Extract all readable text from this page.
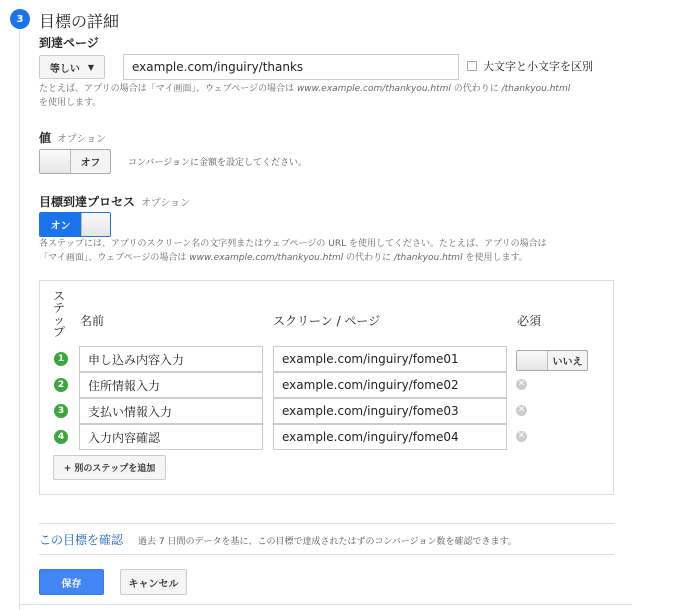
3 目標の詳細
到達ページ
等しい ▼	example.com/inguiry/thanks	大文字と小文字を区別
たとえば、アプリの場合は「マイ画面」、ウェブページの場合は www.example.com/thankyou.html の代わりに /thankyou.html
を使用します。
値 オプション
オフ	コンバージョンに金額を設定してください。
目標到達プロセス オプション
オン
各ステップには、アプリのスクリーン名の文字列またはウェブページの URL を使用してください。たとえば、アプリの場合は
「マイ画面」、ウェブページの場合は www.example.com/thankyou.html の代わりに /thankyou.html を使用します。
ステップ
名前	スクリーン / ページ	必須
1	申し込み内容入力	example.com/inguiry/fome01	いいえ
2	住所情報入力	example.com/inguiry/fome02	✕
3	支払い情報入力	example.com/inguiry/fome03	✕
4	入力内容確認	example.com/inguiry/fome04	✕
+ 別のステップを追加
この目標を確認 過去 7 日間のデータを基に、この目標で達成されたはずのコンバージョン数を確認できます。
保存	キャンセル
